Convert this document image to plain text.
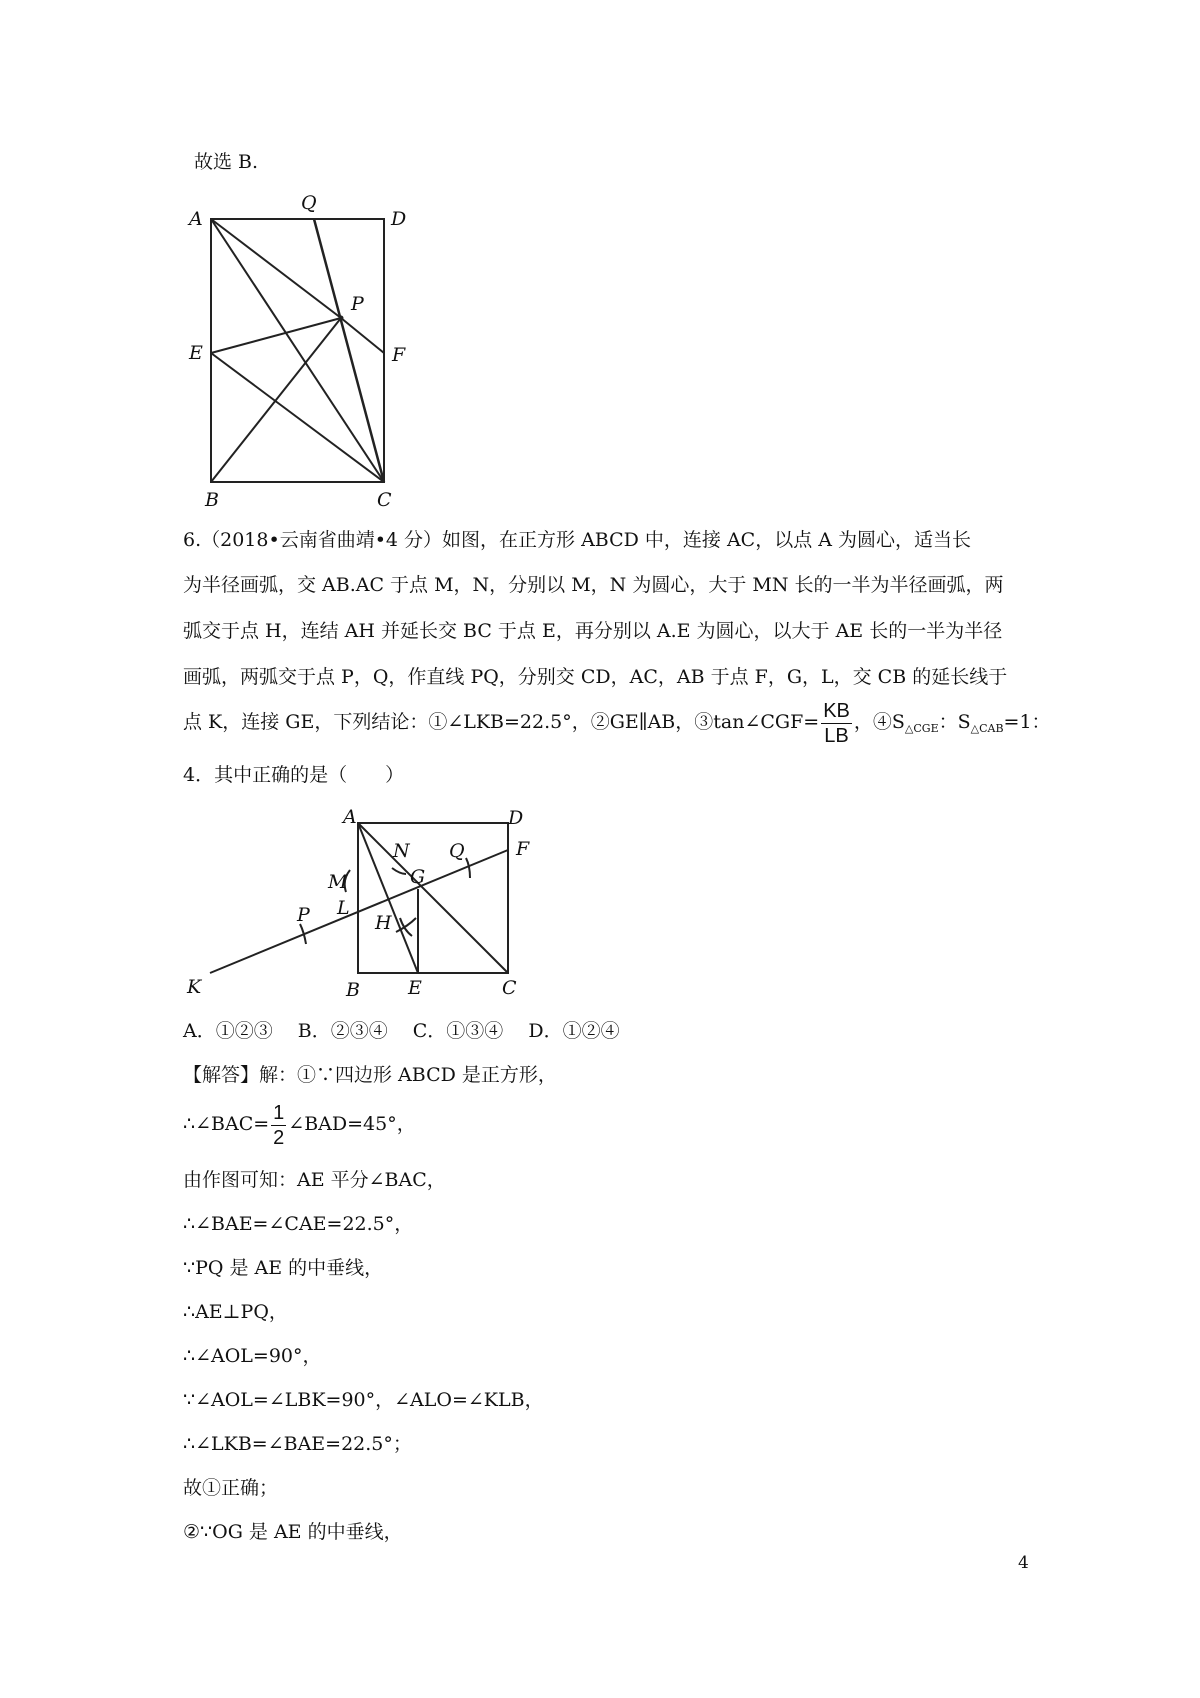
故选 B.
A
Q
D
P
E	F
B	C
6.（2018•云南省曲靖•4 分）如图，在正方形 ABCD 中，连接 AC，以点 A 为圆心，适当长
为半径画弧，交 AB.AC 于点 M，N，分别以 M，N 为圆心，大于 MN 长的一半为半径画弧，两
弧交于点 H，连结 AH 并延长交 BC 于点 E，再分别以 A.E 为圆心，以大于 AE 长的一半为半径
画弧，两弧交于点 P，Q，作直线 PQ，分别交 CD，AC，AB 于点 F，G，L，交 CB 的延长线于
点 K，连接 GE，下列结论：①∠LKB=22.5°，②GE∥AB，③tan∠CGF= $\frac{KB}{LB}$ ，$④S_{\triangle CGE}$：$S_{\triangle CAB}=1$：
4．其中正确的是（　　）
A	D
N Q	F
M	G
L
P	H
K	B	E	C
A．①②③　 B．②③④　 C．①③④　 D．①②④
【解答】解：①∵四边形 ABCD 是正方形，
∴∠BAC= $\frac{1}{2}$ ∠BAD=45°，
由作图可知：AE 平分∠BAC，
∴∠BAE=∠CAE=22.5°，
∵PQ 是 AE 的中垂线，
∴AE⊥PQ，
∴∠AOL=90°，
∵∠AOL=∠LBK=90°，∠ALO=∠KLB，
∴∠LKB=∠BAE=22.5°；
故①正确；
②∵OG 是 AE 的中垂线，
4
